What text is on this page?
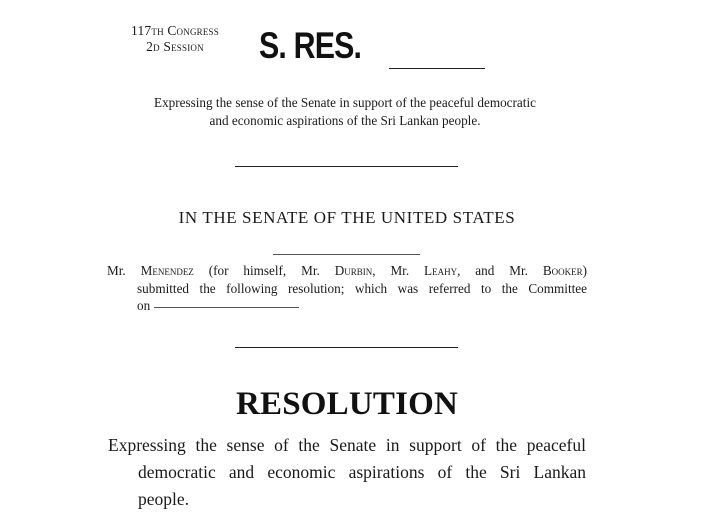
117th Congress
2d Session	S. RES.
Expressing the sense of the Senate in support of the peaceful democratic
and economic aspirations of the Sri Lankan people.
IN THE SENATE OF THE UNITED STATES
Mr. Menendez (for himself, Mr. Durbin, Mr. Leahy, and Mr. Booker)
submitted the following resolution; which was referred to the Committee
on
RESOLUTION
Expressing the sense of the Senate in support of the peaceful
democratic and economic aspirations of the Sri Lankan
people.
